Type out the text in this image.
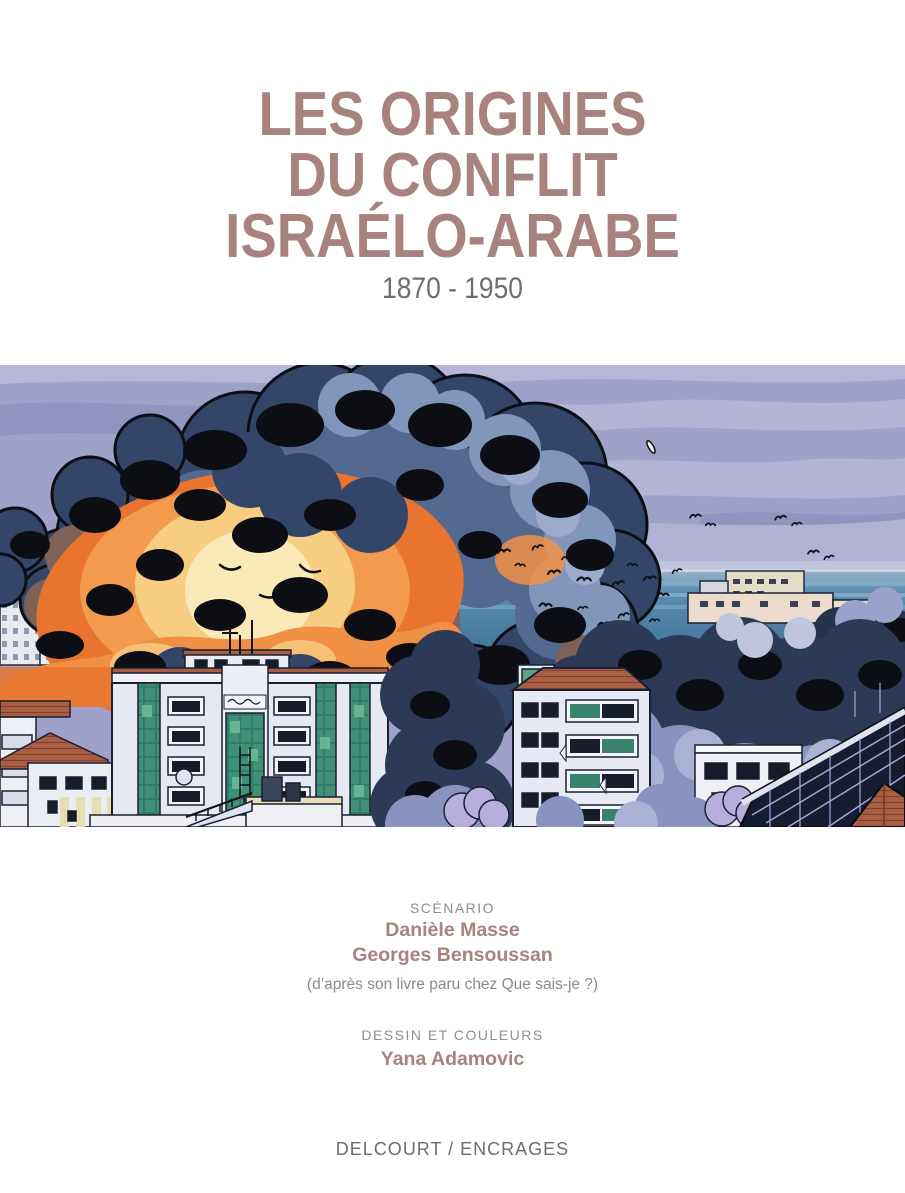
LES ORIGINES
DU CONFLIT
ISRAÉLO-ARABE
1870 - 1950
SCÉNARIO
Danièle Masse
Georges Bensoussan
(d’après son livre paru chez Que sais-je ?)
DESSIN ET COULEURS
Yana Adamovic
DELCOURT / ENCRAGES
